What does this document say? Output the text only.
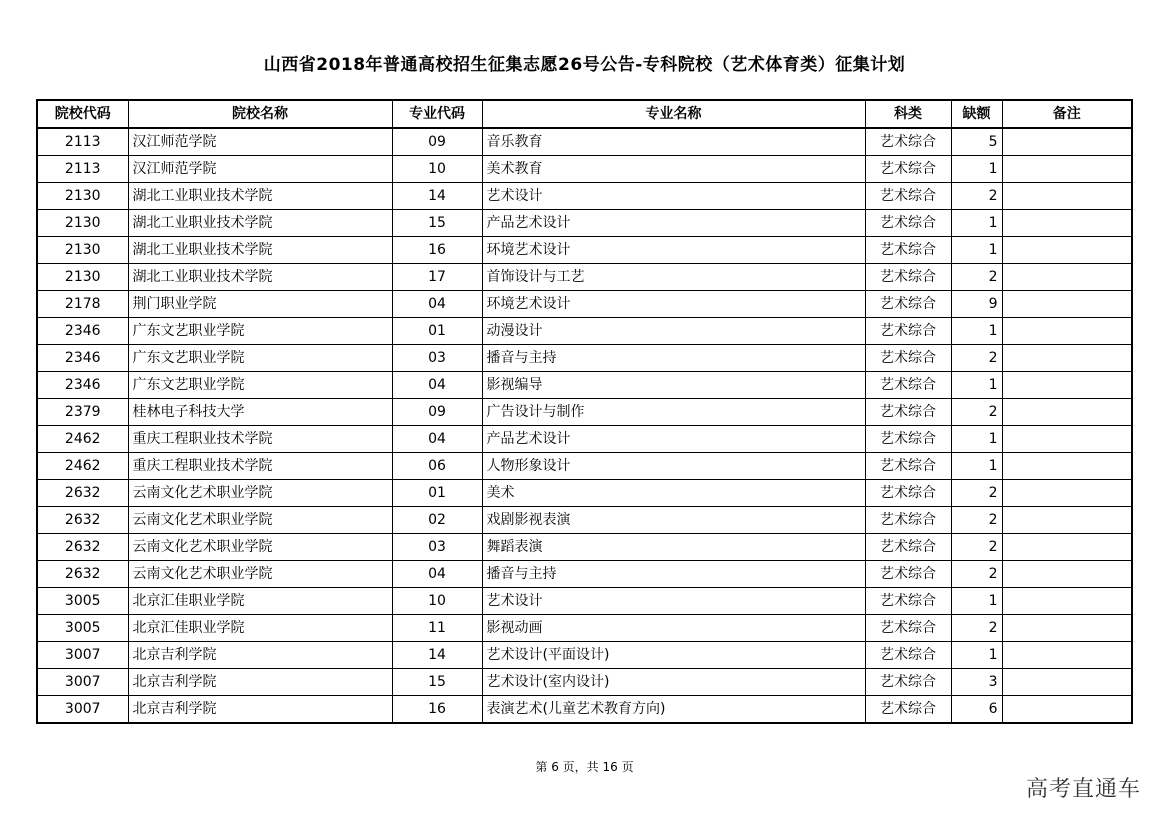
山西省2018年普通高校招生征集志愿26号公告-专科院校（艺术体育类）征集计划
院校代码	院校名称	专业代码	专业名称	科类	缺额	备注
2113	汉江师范学院	09	音乐教育	艺术综合	5	
2113	汉江师范学院	10	美术教育	艺术综合	1	
2130	湖北工业职业技术学院	14	艺术设计	艺术综合	2	
2130	湖北工业职业技术学院	15	产品艺术设计	艺术综合	1	
2130	湖北工业职业技术学院	16	环境艺术设计	艺术综合	1	
2130	湖北工业职业技术学院	17	首饰设计与工艺	艺术综合	2	
2178	荆门职业学院	04	环境艺术设计	艺术综合	9	
2346	广东文艺职业学院	01	动漫设计	艺术综合	1	
2346	广东文艺职业学院	03	播音与主持	艺术综合	2	
2346	广东文艺职业学院	04	影视编导	艺术综合	1	
2379	桂林电子科技大学	09	广告设计与制作	艺术综合	2	
2462	重庆工程职业技术学院	04	产品艺术设计	艺术综合	1	
2462	重庆工程职业技术学院	06	人物形象设计	艺术综合	1	
2632	云南文化艺术职业学院	01	美术	艺术综合	2	
2632	云南文化艺术职业学院	02	戏剧影视表演	艺术综合	2	
2632	云南文化艺术职业学院	03	舞蹈表演	艺术综合	2	
2632	云南文化艺术职业学院	04	播音与主持	艺术综合	2	
3005	北京汇佳职业学院	10	艺术设计	艺术综合	1	
3005	北京汇佳职业学院	11	影视动画	艺术综合	2	
3007	北京吉利学院	14	艺术设计(平面设计)	艺术综合	1	
3007	北京吉利学院	15	艺术设计(室内设计)	艺术综合	3	
3007	北京吉利学院	16	表演艺术(儿童艺术教育方向)	艺术综合	6	
第 6 页，共 16 页
高考直通车
